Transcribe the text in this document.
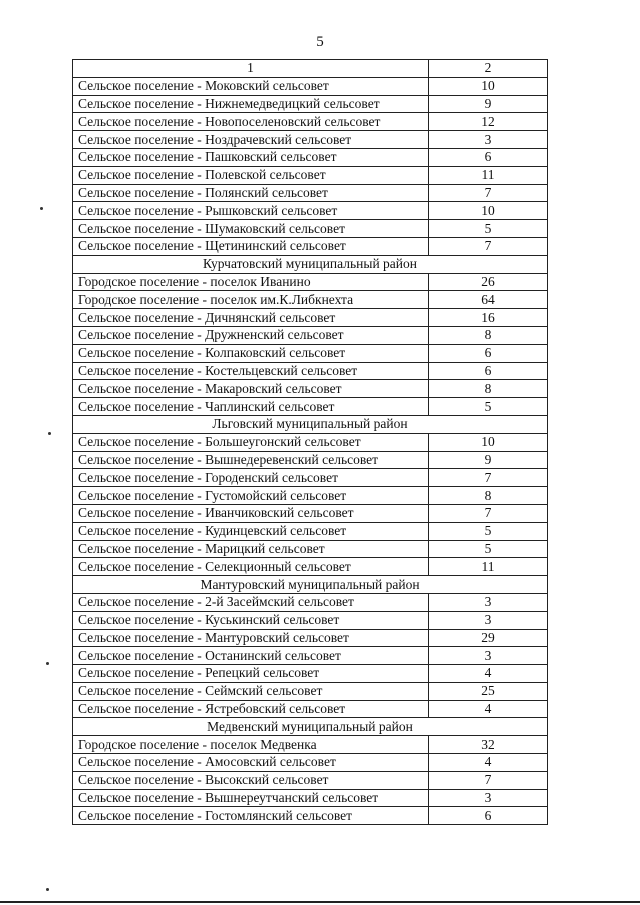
5
1	2
Сельское поселение - Моковский сельсовет	10
Сельское поселение - Нижнемедведицкий сельсовет	9
Сельское поселение - Новопоселеновский сельсовет	12
Сельское поселение - Ноздрачевский сельсовет	3
Сельское поселение - Пашковский сельсовет	6
Сельское поселение - Полевской сельсовет	11
Сельское поселение - Полянский сельсовет	7
Сельское поселение - Рышковский сельсовет	10
Сельское поселение - Шумаковский сельсовет	5
Сельское поселение - Щетининский сельсовет	7
Курчатовский муниципальный район	
Городское поселение - поселок Иванино	26
Городское поселение - поселок им.К.Либкнехта	64
Сельское поселение - Дичнянский сельсовет	16
Сельское поселение - Дружненский сельсовет	8
Сельское поселение - Колпаковский сельсовет	6
Сельское поселение - Костельцевский сельсовет	6
Сельское поселение - Макаровский сельсовет	8
Сельское поселение - Чаплинский сельсовет	5
Льговский муниципальный район	
Сельское поселение - Большеугонский сельсовет	10
Сельское поселение - Вышнедеревенский сельсовет	9
Сельское поселение - Городенский сельсовет	7
Сельское поселение - Густомойский сельсовет	8
Сельское поселение - Иванчиковский сельсовет	7
Сельское поселение - Кудинцевский сельсовет	5
Сельское поселение - Марицкий сельсовет	5
Сельское поселение - Селекционный сельсовет	11
Мантуровский муниципальный район	
Сельское поселение - 2-й Засеймский сельсовет	3
Сельское поселение - Куськинский сельсовет	3
Сельское поселение - Мантуровский сельсовет	29
Сельское поселение - Останинский сельсовет	3
Сельское поселение - Репецкий сельсовет	4
Сельское поселение - Сеймский сельсовет	25
Сельское поселение - Ястребовский сельсовет	4
Медвенский муниципальный район	
Городское поселение - поселок Медвенка	32
Сельское поселение - Амосовский сельсовет	4
Сельское поселение - Высокский сельсовет	7
Сельское поселение - Вышнереутчанский сельсовет	3
Сельское поселение - Гостомлянский сельсовет	6
